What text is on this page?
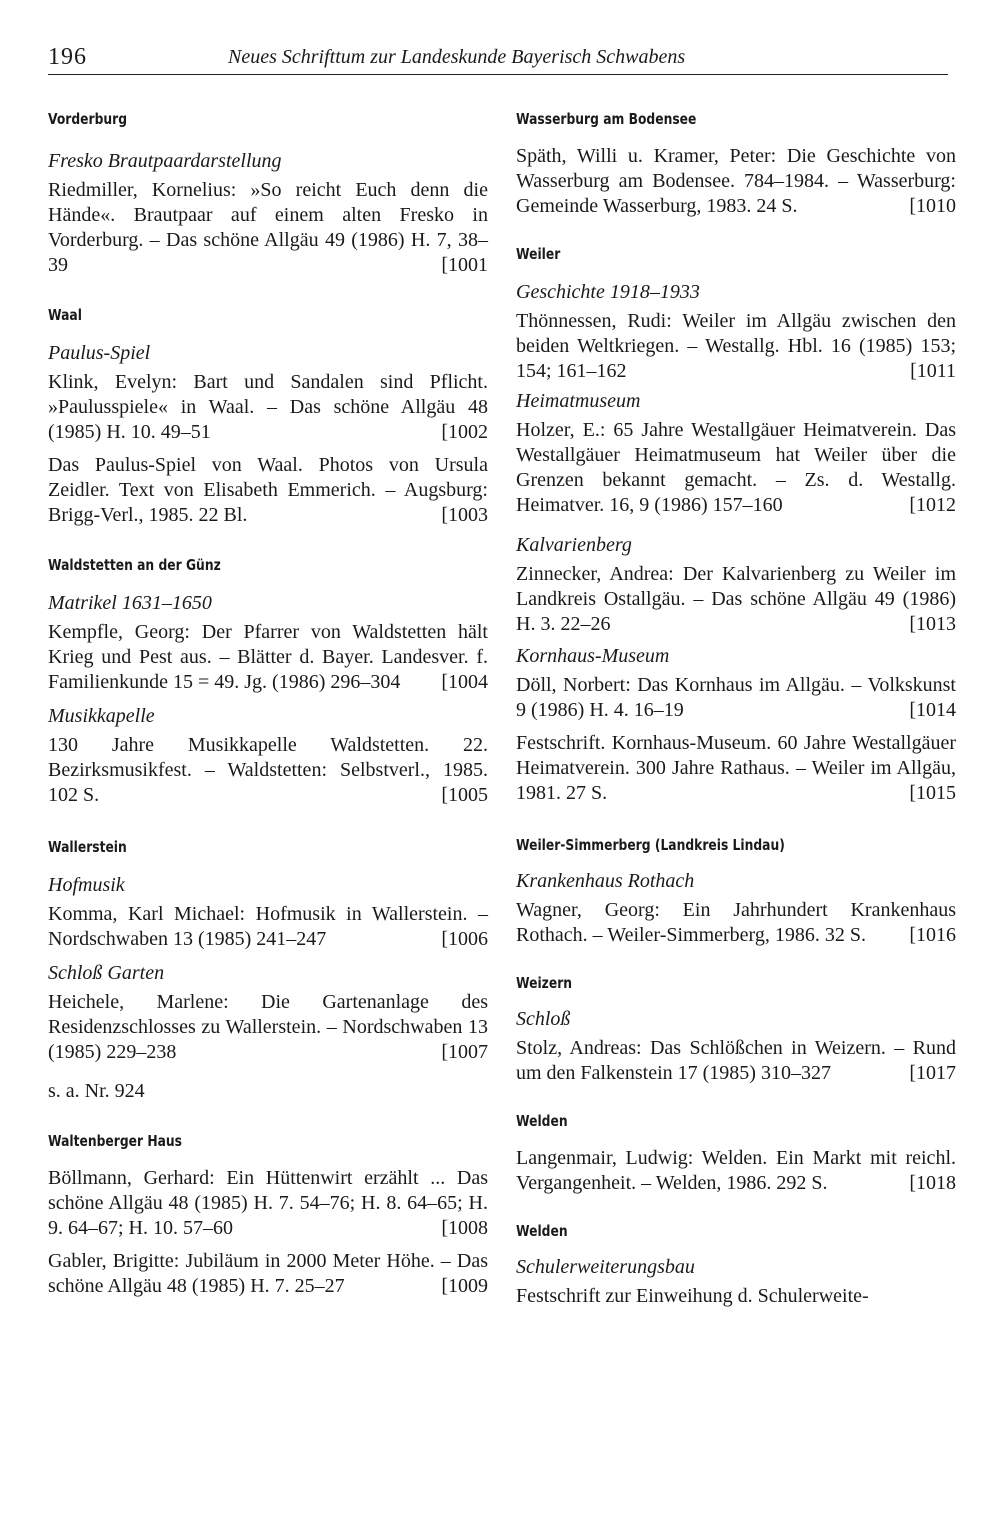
196	Neues Schrifttum zur Landeskunde Bayerisch Schwabens

Vorderburg

Fresko Brautpaardarstellung

Riedmiller, Kornelius: »So reicht Euch denn die Hände«. Brautpaar auf einem alten Fresko in Vorderburg. – Das schöne Allgäu 49 (1986) H. 7, 38–39	[1001

Waal

Paulus-Spiel

Klink, Evelyn: Bart und Sandalen sind Pflicht. »Paulusspiele« in Waal. – Das schöne Allgäu 48 (1985) H. 10. 49–51	[1002

Das Paulus-Spiel von Waal. Photos von Ursula Zeidler. Text von Elisabeth Emmerich. – Augsburg: Brigg-Verl., 1985. 22 Bl.	[1003

Waldstetten an der Günz

Matrikel 1631–1650

Kempfle, Georg: Der Pfarrer von Waldstetten hält Krieg und Pest aus. – Blätter d. Bayer. Landesver. f. Familienkunde 15 = 49. Jg. (1986) 296–304 [1004

Musikkapelle

130 Jahre Musikkapelle Waldstetten. 22. Bezirksmusikfest. – Waldstetten: Selbstverl., 1985. 102 S.	[1005

Wallerstein

Hofmusik

Komma, Karl Michael: Hofmusik in Wallerstein. – Nordschwaben 13 (1985) 241–247	[1006

Schloß Garten

Heichele, Marlene: Die Gartenanlage des Residenzschlosses zu Wallerstein. – Nordschwaben 13 (1985) 229–238	[1007

s. a. Nr. 924

Waltenberger Haus

Böllmann, Gerhard: Ein Hüttenwirt erzählt ... Das schöne Allgäu 48 (1985) H. 7. 54–76; H. 8. 64–65; H. 9. 64–67; H. 10. 57–60	[1008

Gabler, Brigitte: Jubiläum in 2000 Meter Höhe. – Das schöne Allgäu 48 (1985) H. 7. 25–27	[1009

Wasserburg am Bodensee

Späth, Willi u. Kramer, Peter: Die Geschichte von Wasserburg am Bodensee. 784–1984. – Wasserburg: Gemeinde Wasserburg, 1983. 24 S.	[1010

Weiler

Geschichte 1918–1933

Thönnessen, Rudi: Weiler im Allgäu zwischen den beiden Weltkriegen. – Westallg. Hbl. 16 (1985) 153; 154; 161–162	[1011

Heimatmuseum

Holzer, E.: 65 Jahre Westallgäuer Heimatverein. Das Westallgäuer Heimatmuseum hat Weiler über die Grenzen bekannt gemacht. – Zs. d. Westallg. Heimatver. 16, 9 (1986) 157–160	[1012

Kalvarienberg

Zinnecker, Andrea: Der Kalvarienberg zu Weiler im Landkreis Ostallgäu. – Das schöne Allgäu 49 (1986) H. 3. 22–26	[1013

Kornhaus-Museum

Döll, Norbert: Das Kornhaus im Allgäu. – Volkskunst 9 (1986) H. 4. 16–19	[1014

Festschrift. Kornhaus-Museum. 60 Jahre Westallgäuer Heimatverein. 300 Jahre Rathaus. – Weiler im Allgäu, 1981. 27 S.	[1015

Weiler-Simmerberg (Landkreis Lindau)

Krankenhaus Rothach

Wagner, Georg: Ein Jahrhundert Krankenhaus Rothach. – Weiler-Simmerberg, 1986. 32 S. [1016

Weizern

Schloß

Stolz, Andreas: Das Schlößchen in Weizern. – Rund um den Falkenstein 17 (1985) 310–327	[1017

Welden

Langenmair, Ludwig: Welden. Ein Markt mit reichl. Vergangenheit. – Welden, 1986. 292 S.	[1018

Welden

Schulerweiterungsbau

Festschrift zur Einweihung d. Schulerweite-
